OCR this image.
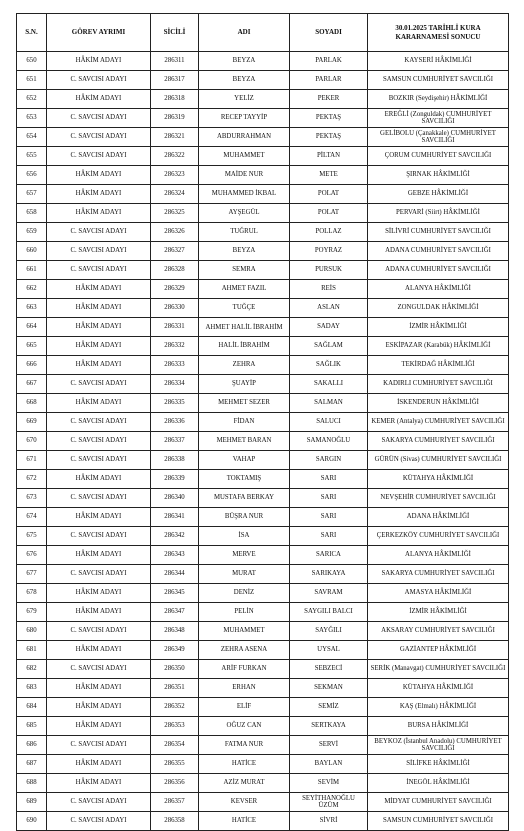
S.N.	GÖREV AYRIMI	SİCİLİ	ADI	SOYADI	30.01.2025 TARİHLİ KURA KARARNAMESİ SONUCU
650	HÂKİM ADAYI	286311	BEYZA	PARLAK	KAYSERİ HÂKİMLİĞİ
651	C. SAVCISI ADAYI	286317	BEYZA	PARLAR	SAMSUN CUMHURİYET SAVCILIĞI
652	HÂKİM ADAYI	286318	YELİZ	PEKER	BOZKIR (Seydişehir) HÂKİMLİĞİ
653	C. SAVCISI ADAYI	286319	RECEP TAYYİP	PEKTAŞ	EREĞLİ (Zonguldak) CUMHURİYET SAVCILIĞI
654	C. SAVCISI ADAYI	286321	ABDURRAHMAN	PEKTAŞ	GELİBOLU (Çanakkale) CUMHURİYET SAVCILIĞI
655	C. SAVCISI ADAYI	286322	MUHAMMET	PİLTAN	ÇORUM CUMHURİYET SAVCILIĞI
656	HÂKİM ADAYI	286323	MAİDE NUR	METE	ŞIRNAK HÂKİMLİĞİ
657	HÂKİM ADAYI	286324	MUHAMMED İKBAL	POLAT	GEBZE HÂKİMLİĞİ
658	HÂKİM ADAYI	286325	AYŞEGÜL	POLAT	PERVARİ (Siirt) HÂKİMLİĞİ
659	C. SAVCISI ADAYI	286326	TUĞRUL	POLLAZ	SİLİVRİ CUMHURİYET SAVCILIĞI
660	C. SAVCISI ADAYI	286327	BEYZA	POYRAZ	ADANA CUMHURİYET SAVCILIĞI
661	C. SAVCISI ADAYI	286328	SEMRA	PURSUK	ADANA CUMHURİYET SAVCILIĞI
662	HÂKİM ADAYI	286329	AHMET FAZIL	REİS	ALANYA HÂKİMLİĞİ
663	HÂKİM ADAYI	286330	TUĞÇE	ASLAN	ZONGULDAK HÂKİMLİĞİ
664	HÂKİM ADAYI	286331	AHMET HALİL İBRAHİM	SADAY	İZMİR HÂKİMLİĞİ
665	HÂKİM ADAYI	286332	HALİL İBRAHİM	SAĞLAM	ESKİPAZAR (Karabük) HÂKİMLİĞİ
666	HÂKİM ADAYI	286333	ZEHRA	SAĞLIK	TEKİRDAĞ HÂKİMLİĞİ
667	C. SAVCISI ADAYI	286334	ŞUAYİP	SAKALLI	KADIRLI CUMHURİYET SAVCILIĞI
668	HÂKİM ADAYI	286335	MEHMET SEZER	SALMAN	İSKENDERUN HÂKİMLİĞİ
669	C. SAVCISI ADAYI	286336	FİDAN	SALUCI	KEMER (Antalya) CUMHURİYET SAVCILIĞI
670	C. SAVCISI ADAYI	286337	MEHMET BARAN	SAMANOĞLU	SAKARYA CUMHURİYET SAVCILIĞI
671	C. SAVCISI ADAYI	286338	VAHAP	SARGIN	GÜRÜN (Sivas) CUMHURİYET SAVCILIĞI
672	HÂKİM ADAYI	286339	TOKTAMIŞ	SARI	KÜTAHYA HÂKİMLİĞİ
673	C. SAVCISI ADAYI	286340	MUSTAFA BERKAY	SARI	NEVŞEHİR CUMHURİYET SAVCILIĞI
674	HÂKİM ADAYI	286341	BÜŞRA NUR	SARI	ADANA HÂKİMLİĞİ
675	C. SAVCISI ADAYI	286342	İSA	SARI	ÇERKEZKÖY CUMHURİYET SAVCILIĞI
676	HÂKİM ADAYI	286343	MERVE	SARICA	ALANYA HÂKİMLİĞİ
677	C. SAVCISI ADAYI	286344	MURAT	SARIKAYA	SAKARYA CUMHURİYET SAVCILIĞI
678	HÂKİM ADAYI	286345	DENİZ	SAVRAM	AMASYA HÂKİMLİĞİ
679	HÂKİM ADAYI	286347	PELİN	SAYGILI BALCI	İZMİR HÂKİMLİĞİ
680	C. SAVCISI ADAYI	286348	MUHAMMET	SAYĞILI	AKSARAY CUMHURİYET SAVCILIĞI
681	HÂKİM ADAYI	286349	ZEHRA ASENA	UYSAL	GAZİANTEP HÂKİMLİĞİ
682	C. SAVCISI ADAYI	286350	ARİF FURKAN	SEBZECİ	SERİK (Manavgat) CUMHURİYET SAVCILIĞI
683	HÂKİM ADAYI	286351	ERHAN	SEKMAN	KÜTAHYA HÂKİMLİĞİ
684	HÂKİM ADAYI	286352	ELİF	SEMİZ	KAŞ (Elmalı) HÂKİMLİĞİ
685	HÂKİM ADAYI	286353	OĞUZ CAN	SERTKAYA	BURSA HÂKİMLİĞİ
686	C. SAVCISI ADAYI	286354	FATMA NUR	SERVİ	BEYKOZ (İstanbul Anadolu) CUMHURİYET SAVCILIĞI
687	HÂKİM ADAYI	286355	HATİCE	BAYLAN	SİLİFKE HÂKİMLİĞİ
688	HÂKİM ADAYI	286356	AZİZ MURAT	SEVİM	İNEGÖL HÂKİMLİĞİ
689	C. SAVCISI ADAYI	286357	KEVSER	SEYİTHANOĞLU ÜZÜM	MİDYAT CUMHURİYET SAVCILIĞI
690	C. SAVCISI ADAYI	286358	HATİCE	SİVRİ	SAMSUN CUMHURİYET SAVCILIĞI
